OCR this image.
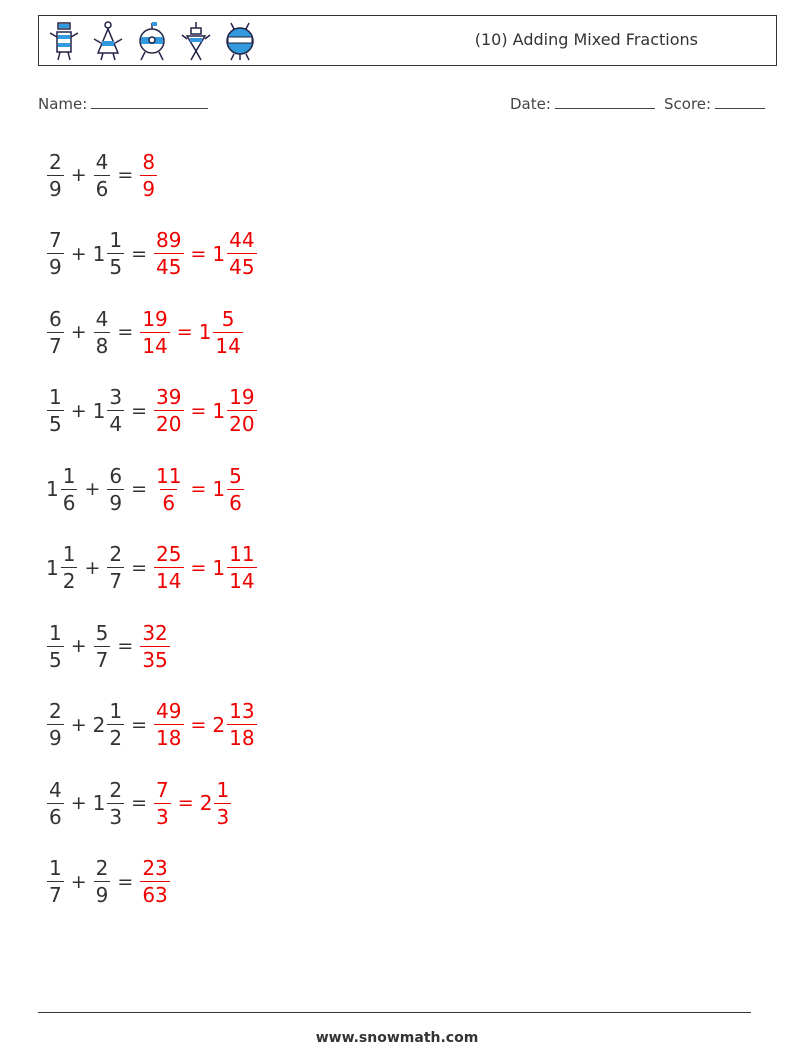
(10) Adding Mixed Fractions
Name:	Date:	Score:
$\frac{2}{9} + \frac{4}{6} = \frac{8}{9}$
$\frac{7}{9} + 1 \frac{1}{5} = \frac{89}{45} = 1 \frac{44}{45}$
$\frac{6}{7} + \frac{4}{8} = \frac{19}{14} = 1 \frac{5}{14}$
$\frac{1}{5} + 1 \frac{3}{4} = \frac{39}{20} = 1 \frac{19}{20}$
$1 \frac{1}{6} + \frac{6}{9} = \frac{11}{6} = 1 \frac{5}{6}$
$1 \frac{1}{2} + \frac{2}{7} = \frac{25}{14} = 1 \frac{11}{14}$
$\frac{1}{5} + \frac{5}{7} = \frac{32}{35}$
$\frac{2}{9} + 2 \frac{1}{2} = \frac{49}{18} = 2 \frac{13}{18}$
$\frac{4}{6} + 1 \frac{2}{3} = \frac{7}{3} = 2 \frac{1}{3}$
$\frac{1}{7} + \frac{2}{9} = \frac{23}{63}$
www.snowmath.com
